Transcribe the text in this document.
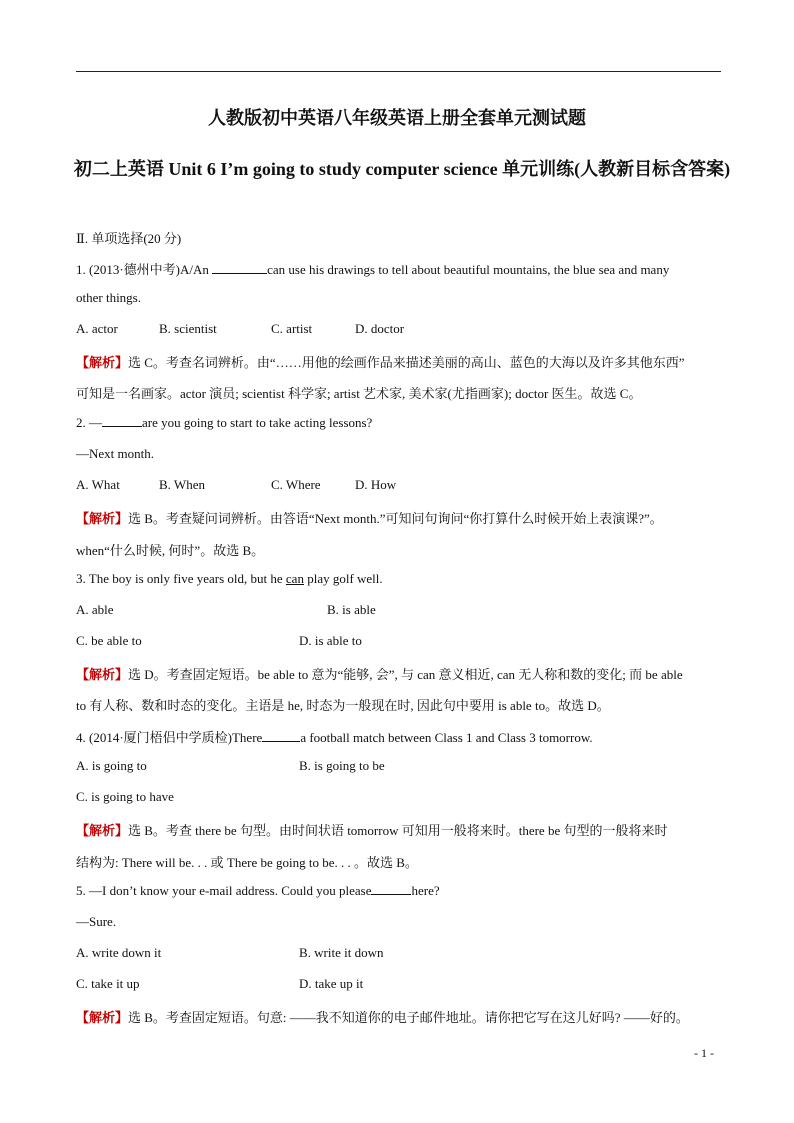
人教版初中英语八年级英语上册全套单元测试题
初二上英语 Unit 6 I’m going to study computer science 单元训练(人教新目标含答案)
Ⅱ. 单项选择(20 分)
1. (2013·德州中考)A/An	can use his drawings to tell about beautiful mountains, the blue sea and many
other things.
A. actor	B. scientist	C. artist	D. doctor
【解析】选 C。考查名词辨析。由“……用他的绘画作品来描述美丽的高山、蓝色的大海以及许多其他东西”
可知是一名画家。actor 演员; scientist 科学家; artist 艺术家, 美术家(尤指画家); doctor 医生。故选 C。
2. —	are you going to start to take acting lessons?
—Next month.
A. What	B. When	C. Where	D. How
【解析】选 B。考查疑问词辨析。由答语“Next month.”可知问句询问“你打算什么时候开始上表演课?”。
when“什么时候, 何时”。故选 B。
3. The boy is only five years old, but he can play golf well.
A. able	B. is able
C. be able to	D. is able to
【解析】选 D。考查固定短语。be able to 意为“能够, 会”, 与 can 意义相近, can 无人称和数的变化; 而 be able
to 有人称、数和时态的变化。主语是 he, 时态为一般现在时, 因此句中要用 is able to。故选 D。
4. (2014·厦门梧侣中学质检)There	a football match between Class 1 and Class 3 tomorrow.
A. is going to	B. is going to be
C. is going to have
【解析】选 B。考查 there be 句型。由时间状语 tomorrow 可知用一般将来时。there be 句型的一般将来时
结构为: There will be. . . 或 There be going to be. . . 。故选 B。
5. —I don’t know your e-mail address. Could you please	here?
—Sure.
A. write down it	B. write it down
C. take it up	D. take up it
【解析】选 B。考查固定短语。句意: ——我不知道你的电子邮件地址。请你把它写在这儿好吗? ——好的。
- 1 -
